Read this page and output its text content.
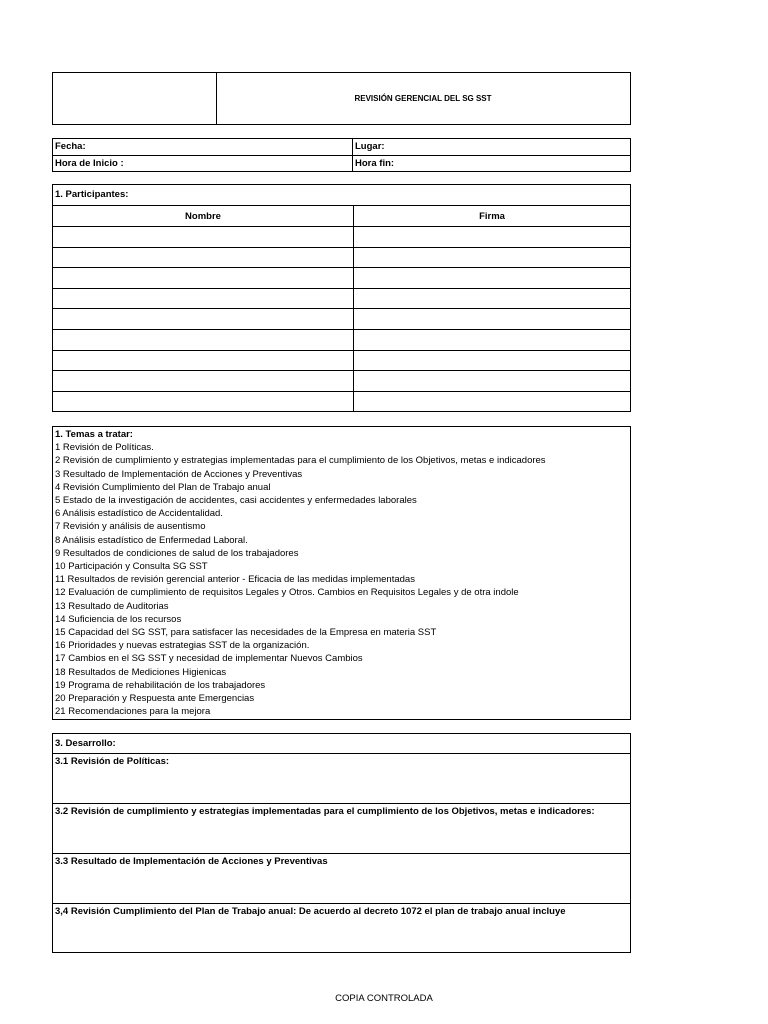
REVISIÓN GERENCIAL DEL SG SST
Fecha:	Lugar:
Hora de Inicio :	Hora fin:
1. Participantes:
Nombre	Firma

1. Temas a tratar:
1 Revisión de Políticas.
2 Revisión de cumplimiento y estrategias implementadas para el cumplimiento de los Objetivos, metas e indicadores
3 Resultado de Implementación de Acciones y Preventivas
4 Revisión Cumplimiento del Plan de Trabajo anual
5 Estado de la investigación de accidentes, casi accidentes y enfermedades laborales
6 Análisis estadístico de Accidentalidad.
7 Revisión y análisis de ausentismo
8 Análisis estadístico de Enfermedad Laboral.
9 Resultados de condiciones de salud de los trabajadores
10 Participación y Consulta SG SST
11 Resultados de revisión gerencial anterior - Eficacia de las medidas implementadas
12 Evaluación de cumplimiento de requisitos Legales y Otros. Cambios en Requisitos Legales y de otra indole
13 Resultado de Auditorias
14 Suficiencia de los recursos
15 Capacidad del SG SST, para satisfacer las necesidades de la Empresa en materia SST
16 Prioridades y nuevas estrategias SST de la organización.
17 Cambios en el SG SST y necesidad de implementar Nuevos Cambios
18 Resultados de Mediciones Higienicas
19 Programa de rehabilitación de los trabajadores
20 Preparación y Respuesta ante Emergencias
21 Recomendaciones para la mejora
3. Desarrollo:
3.1 Revisión de Políticas:
3.2 Revisión de cumplimiento y estrategias implementadas para el cumplimiento de los Objetivos, metas e indicadores:
3.3 Resultado de Implementación de Acciones y Preventivas
3,4 Revisión Cumplimiento del Plan de Trabajo anual: De acuerdo al decreto 1072 el plan de trabajo anual incluye
COPIA CONTROLADA
